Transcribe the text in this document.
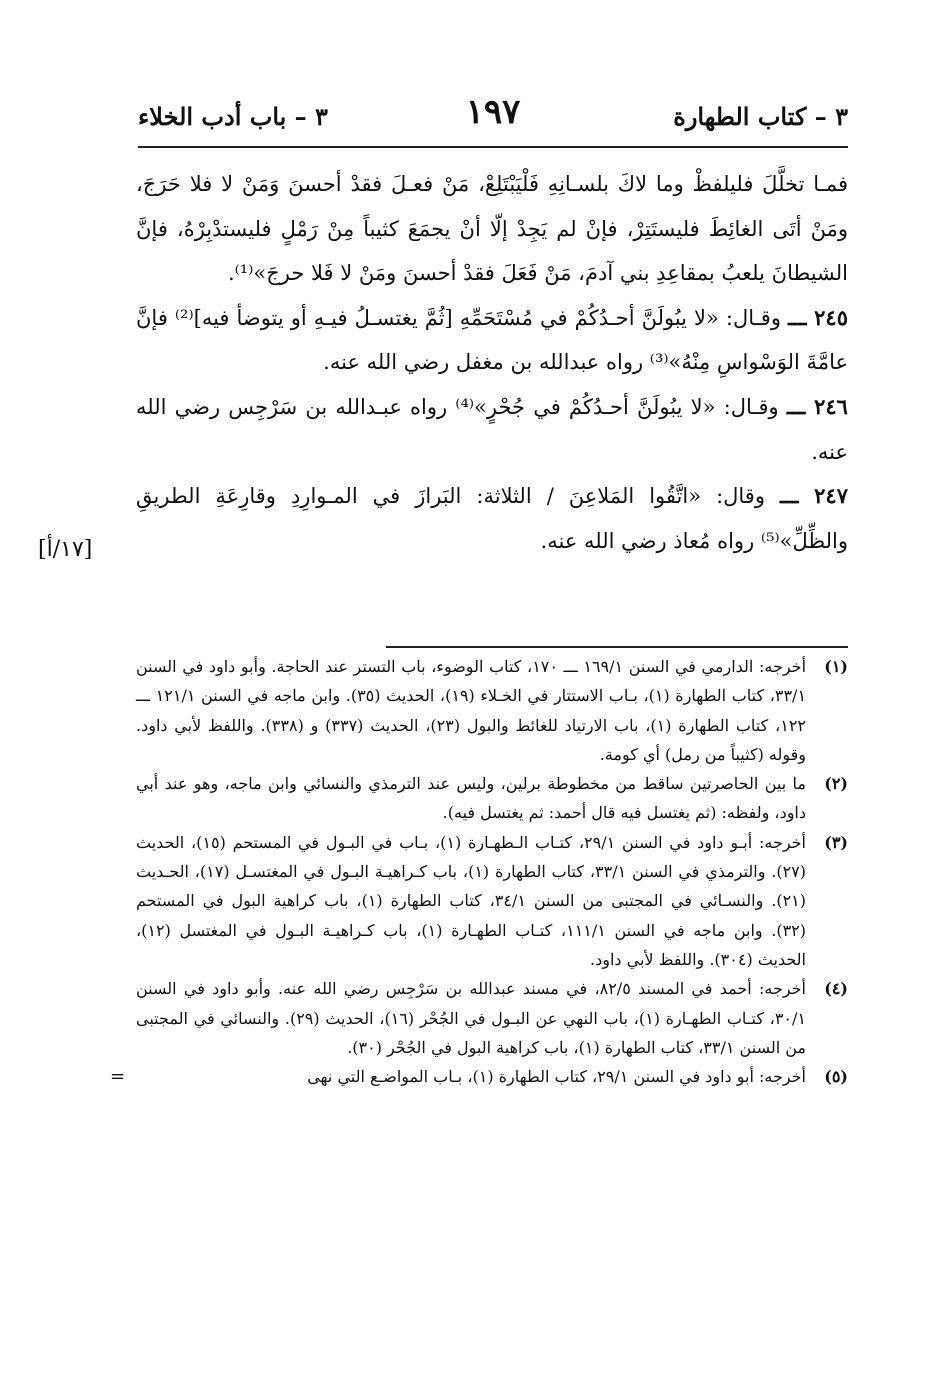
٣ – كتاب الطهارة
١٩٧
٣ – باب أدب الخلاء

فمـا تخلَّلَ فليلفظْ وما لاكَ بلسـانِهِ فَلْيَبْتَلِعْ، مَنْ فعـلَ فقدْ أحسنَ وَمَنْ لا فلا حَرَجَ، ومَنْ أتَى الغائِطَ فليستَتِرْ، فإنْ لم يَجِدْ إلّا أنْ يجمَعَ كثيباً مِنْ رَمْلٍ فليستدْبِرْهُ، فإنَّ الشيطانَ يلعبُ بمقاعِدِ بني آدمَ، مَنْ فَعَلَ فقدْ أحسنَ ومَنْ لا فَلا حرجَ»⁽¹⁾.

٢٤٥ ـــ وقـال: «لا يبُولَنَّ أحـدُكُمْ في مُسْتَحَمِّهِ [ثُمَّ يغتسـلُ فيـهِ أو يتوضأ فيه]⁽²⁾ فإنَّ عامَّةَ الوَسْواسِ مِنْهُ»⁽³⁾ رواه عبدالله بن مغفل رضي الله عنه.

٢٤٦ ـــ وقـال: «لا يبُولَنَّ أحـدُكُمْ في جُحْرٍ»⁽⁴⁾ رواه عبـدالله بن سَرْجِس رضي الله عنه.

٢٤٧ ـــ وقال: «اتَّقُوا المَلاعِنَ / الثلاثة: البَرازَ في المـوارِدِ وقارِعَةِ الطريقِ والظِّلِّ»⁽⁵⁾ رواه مُعاذ رضي الله عنه.

[١٧/أ]

(١)
أخرجه: الدارمي في السنن ١٦٩/١ ـــ ١٧٠، كتاب الوضوء، باب التستر عند الحاجة. وأبو داود في السنن ٣٣/١، كتاب الطهارة (١)، بـاب الاستتار في الخـلاء (١٩)، الحديث (٣٥). وابن ماجه في السنن ١٢١/١ ـــ ١٢٢، كتاب الطهارة (١)، باب الارتياد للغائط والبول (٢٣)، الحديث (٣٣٧) و (٣٣٨). واللفظ لأبي داود. وقوله (كثيباً من رمل) أي كومة.

(٢)
ما بين الحاصرتين ساقط من مخطوطة برلين، وليس عند الترمذي والنسائي وابن ماجه، وهو عند أبي داود، ولفظه: (ثم يغتسل فيه قال أحمد: ثم يغتسل فيه).

(٣)
أخرجه: أبـو داود في السنن ٢٩/١، كتـاب الـطهـارة (١)، بـاب في البـول في المستحم (١٥)، الحديث (٢٧). والترمذي في السنن ٣٣/١، كتاب الطهارة (١)، باب كـراهيـة البـول في المغتسـل (١٧)، الحـديث (٢١). والنسـائي في المجتبى من السنن ٣٤/١، كتاب الطهارة (١)، باب كراهية البول في المستحم (٣٢). وابن ماجه في السنن ١١١/١، كتـاب الطهـارة (١)، باب كـراهيـة البـول في المغتسل (١٢)، الحديث (٣٠٤). واللفظ لأبي داود.

(٤)
أخرجه: أحمد في المسند ٨٢/٥، في مسند عبدالله بن سَرْجِس رضي الله عنه. وأبو داود في السنن ٣٠/١، كتـاب الطهـارة (١)، باب النهي عن البـول في الجُحْر (١٦)، الحديث (٢٩). والنسائي في المجتبى من السنن ٣٣/١، كتاب الطهارة (١)، باب كراهية البول في الجُحْر (٣٠).

(٥)
أخرجه: أبو داود في السنن ٢٩/١، كتاب الطهارة (١)، بـاب المواضـع التي نهى
=
